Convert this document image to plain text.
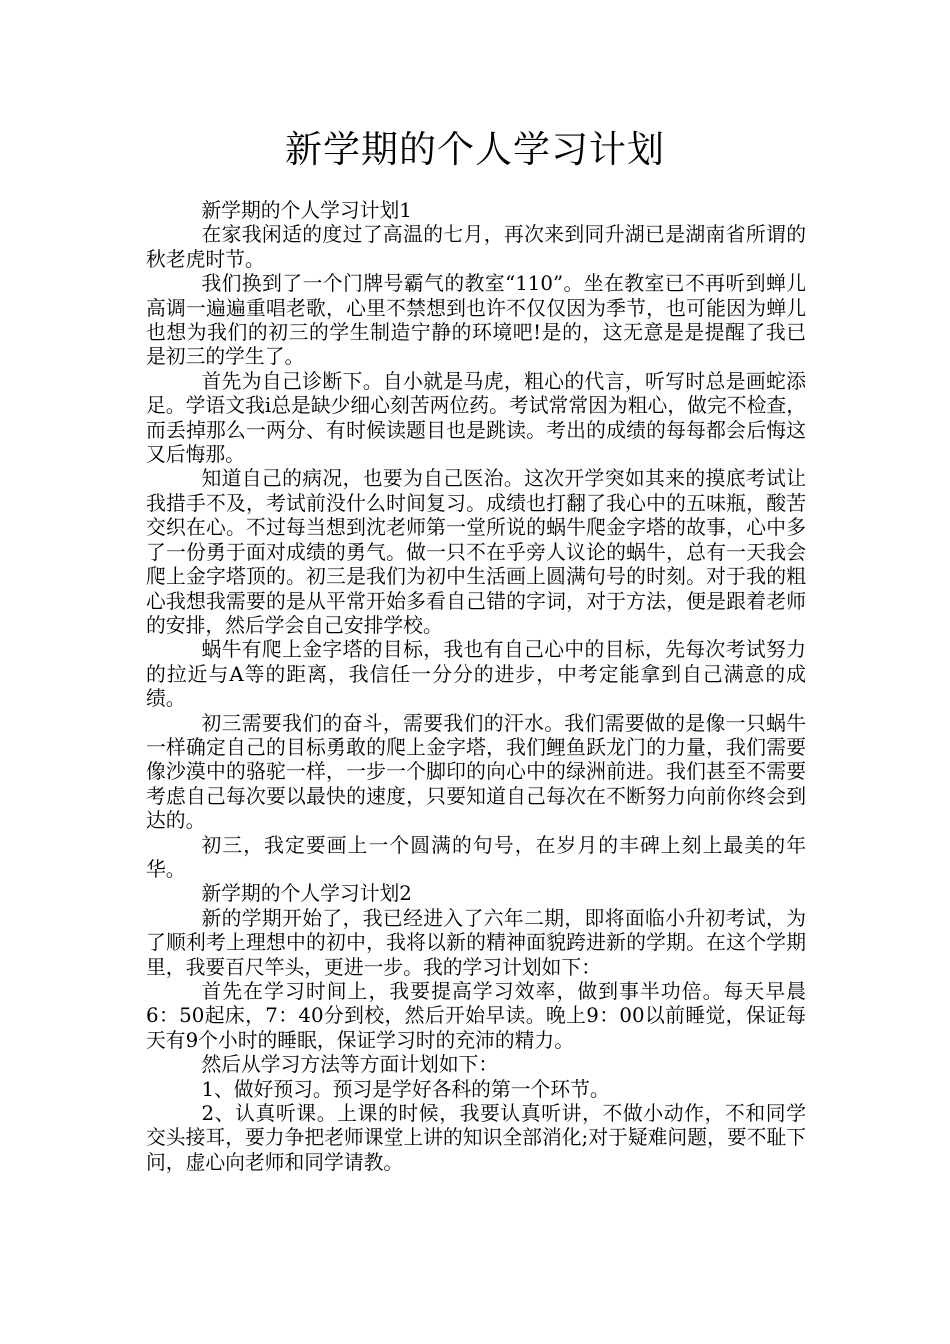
新学期的个人学习计划

新学期的个人学习计划1

在家我闲适的度过了高温的七月，再次来到同升湖已是湖南省所谓的秋老虎时节。

我们换到了一个门牌号霸气的教室“110”。坐在教室已不再听到蝉儿高调一遍遍重唱老歌，心里不禁想到也许不仅仅因为季节，也可能因为蝉儿也想为我们的初三的学生制造宁静的环境吧!是的，这无意是是提醒了我已是初三的学生了。

首先为自己诊断下。自小就是马虎，粗心的代言，听写时总是画蛇添足。学语文我i总是缺少细心刻苦两位药。考试常常因为粗心，做完不检查，而丢掉那么一两分、有时候读题目也是跳读。考出的成绩的每每都会后悔这又后悔那。

知道自己的病况，也要为自己医治。这次开学突如其来的摸底考试让我措手不及，考试前没什么时间复习。成绩也打翻了我心中的五味瓶，酸苦交织在心。不过每当想到沈老师第一堂所说的蜗牛爬金字塔的故事，心中多了一份勇于面对成绩的勇气。做一只不在乎旁人议论的蜗牛，总有一天我会爬上金字塔顶的。初三是我们为初中生活画上圆满句号的时刻。对于我的粗心我想我需要的是从平常开始多看自己错的字词，对于方法，便是跟着老师的安排，然后学会自己安排学校。

蜗牛有爬上金字塔的目标，我也有自己心中的目标，先每次考试努力的拉近与A等的距离，我信任一分分的进步，中考定能拿到自己满意的成绩。

初三需要我们的奋斗，需要我们的汗水。我们需要做的是像一只蜗牛一样确定自己的目标勇敢的爬上金字塔，我们鲤鱼跃龙门的力量，我们需要像沙漠中的骆驼一样，一步一个脚印的向心中的绿洲前进。我们甚至不需要考虑自己每次要以最快的速度，只要知道自己每次在不断努力向前你终会到达的。

初三，我定要画上一个圆满的句号，在岁月的丰碑上刻上最美的年华。

新学期的个人学习计划2

新的学期开始了，我已经进入了六年二期，即将面临小升初考试，为了顺利考上理想中的初中，我将以新的精神面貌跨进新的学期。在这个学期里，我要百尺竿头，更进一步。我的学习计划如下：

首先在学习时间上，我要提高学习效率，做到事半功倍。每天早晨6：50起床，7：40分到校，然后开始早读。晚上9：00以前睡觉，保证每天有9个小时的睡眠，保证学习时的充沛的精力。

然后从学习方法等方面计划如下：

1、做好预习。预习是学好各科的第一个环节。

2、认真听课。上课的时候，我要认真听讲，不做小动作，不和同学交头接耳，要力争把老师课堂上讲的知识全部消化;对于疑难问题，要不耻下问，虚心向老师和同学请教。
